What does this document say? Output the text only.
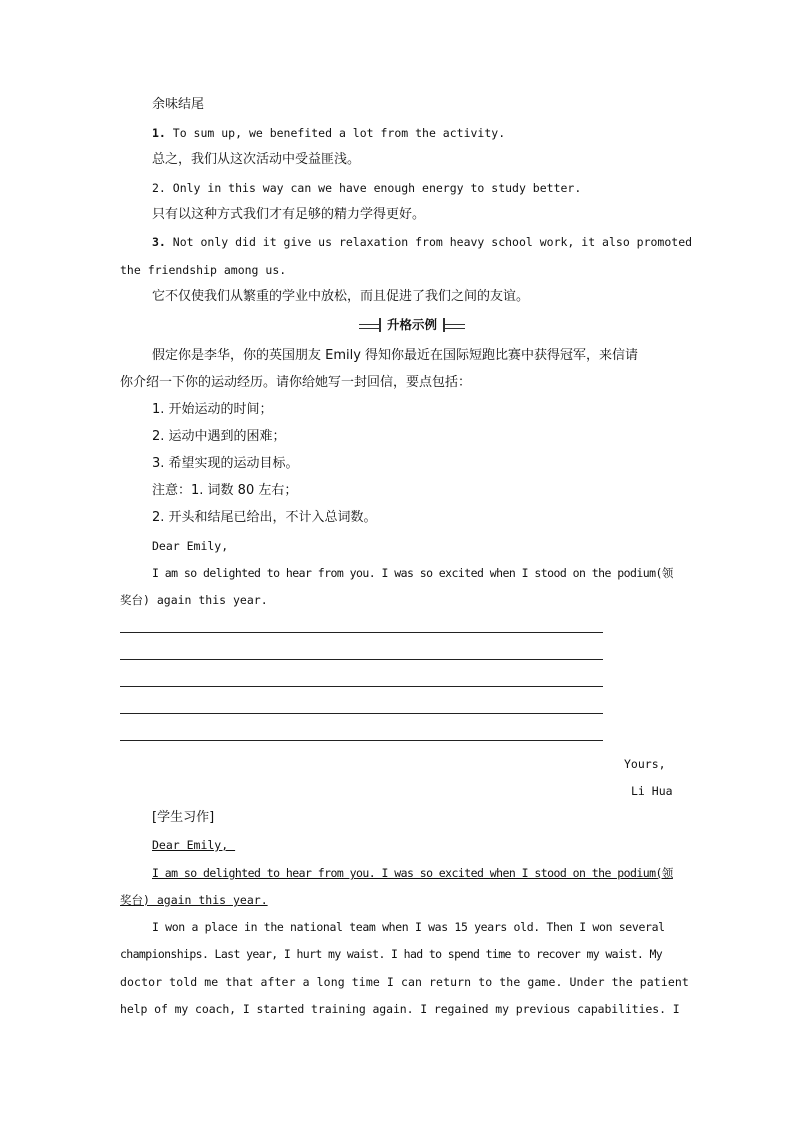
余味结尾
1. To sum up, we benefited a lot from the activity.
总之，我们从这次活动中受益匪浅。
2. Only in this way can we have enough energy to study better.
只有以这种方式我们才有足够的精力学得更好。
3. Not only did it give us relaxation from heavy school work, it also promoted
the friendship among us.
它不仅使我们从繁重的学业中放松，而且促进了我们之间的友谊。
升格示例
假定你是李华，你的英国朋友 Emily 得知你最近在国际短跑比赛中获得冠军，来信请
你介绍一下你的运动经历。请你给她写一封回信，要点包括：
1. 开始运动的时间；
2. 运动中遇到的困难；
3. 希望实现的运动目标。
注意：1. 词数 80 左右；
2. 开头和结尾已给出，不计入总词数。
Dear Emily,
I am so delighted to hear from you. I was so excited when I stood on the podium(领
奖台) again this year.
Yours,
Li Hua
[学生习作]
Dear Emily,
I am so delighted to hear from you. I was so excited when I stood on the podium(领
奖台) again this year.
I won a place in the national team when I was 15 years old. Then I won several
championships. Last year, I hurt my waist. I had to spend time to recover my waist. My
doctor told me that after a long time I can return to the game. Under the patient
help of my coach, I started training again. I regained my previous capabilities. I
